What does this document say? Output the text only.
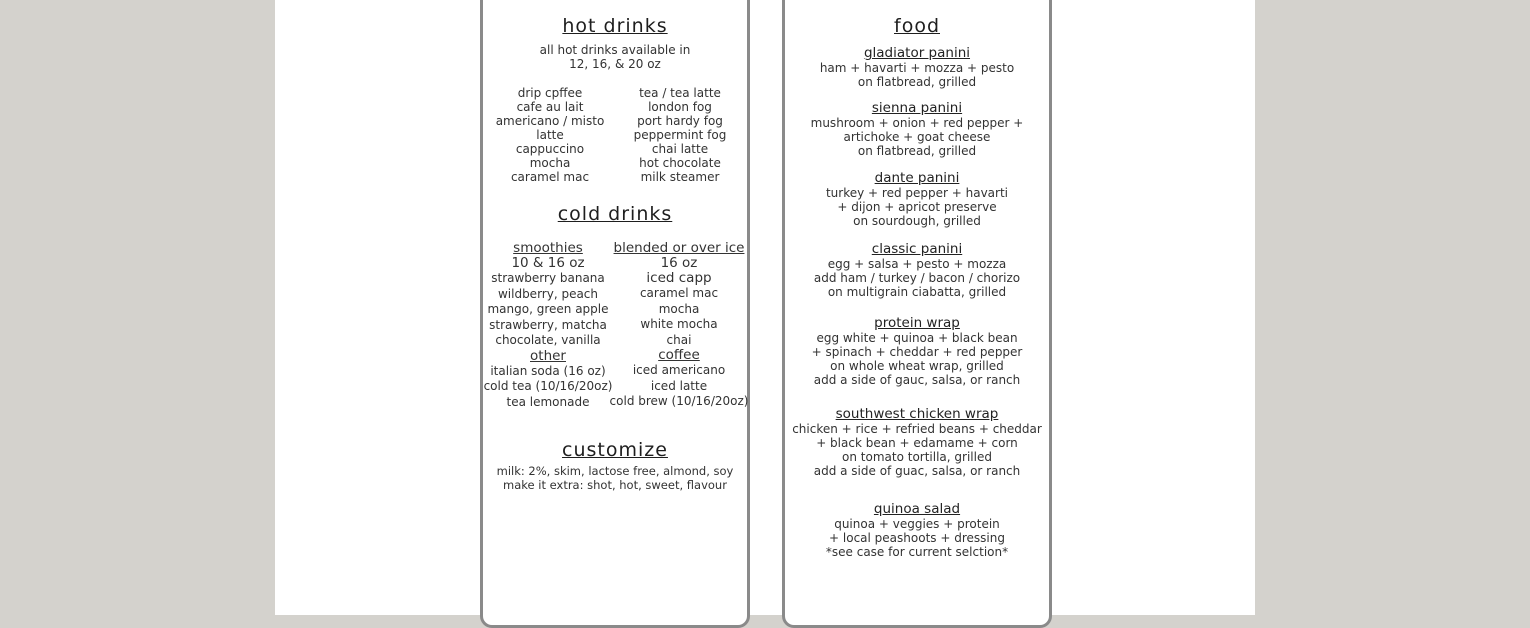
hot drinks
all hot drinks available in
12, 16, & 20 oz
drip cpffee
cafe au lait
americano / misto
latte
cappuccino
mocha
caramel mac
tea / tea latte
london fog
port hardy fog
peppermint fog
chai latte
hot chocolate
milk steamer
cold drinks
smoothies
10 & 16 oz
strawberry banana
wildberry, peach
mango, green apple
strawberry, matcha
chocolate, vanilla
other
italian soda (16 oz)
cold tea (10/16/20oz)
tea lemonade
blended or over ice
16 oz
iced capp
caramel mac
mocha
white mocha
chai
coffee
iced americano
iced latte
cold brew (10/16/20oz)
customize
milk: 2%, skim, lactose free, almond, soy
make it extra: shot, hot, sweet, flavour
food
gladiator panini
ham + havarti + mozza + pesto
on flatbread, grilled
sienna panini
mushroom + onion + red pepper +
artichoke + goat cheese
on flatbread, grilled
dante panini
turkey + red pepper + havarti
+ dijon + apricot preserve
on sourdough, grilled
classic panini
egg + salsa + pesto + mozza
add ham / turkey / bacon / chorizo
on multigrain ciabatta, grilled
protein wrap
egg white + quinoa + black bean
+ spinach + cheddar + red pepper
on whole wheat wrap, grilled
add a side of gauc, salsa, or ranch
southwest chicken wrap
chicken + rice + refried beans + cheddar
+ black bean + edamame + corn
on tomato tortilla, grilled
add a side of guac, salsa, or ranch
quinoa salad
quinoa + veggies + protein
+ local peashoots + dressing
*see case for current selction*
